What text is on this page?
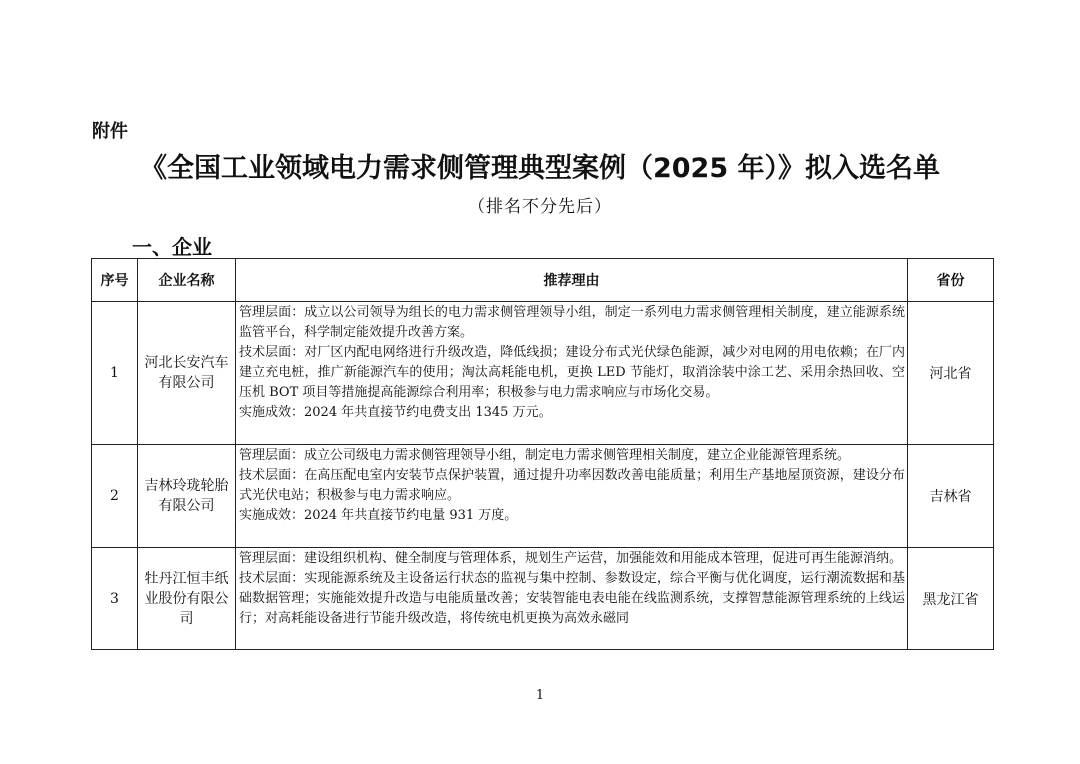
附件
《全国工业领域电力需求侧管理典型案例（2025 年）》拟入选名单
（排名不分先后）
一、企业
序号	企业名称	推荐理由	省份
1	河北长安汽车有限公司	管理层面：成立以公司领导为组长的电力需求侧管理领导小组，制定一系列电力需求侧管理相关制度，建立能源系统监管平台，科学制定能效提升改善方案。
技术层面：对厂区内配电网络进行升级改造，降低线损；建设分布式光伏绿色能源，减少对电网的用电依赖；在厂内建立充电桩，推广新能源汽车的使用；淘汰高耗能电机，更换 LED 节能灯，取消涂装中涂工艺、采用余热回收、空压机 BOT 项目等措施提高能源综合利用率；积极参与电力需求响应与市场化交易。
实施成效：2024 年共直接节约电费支出 1345 万元。	河北省
2	吉林玲珑轮胎有限公司	管理层面：成立公司级电力需求侧管理领导小组，制定电力需求侧管理相关制度，建立企业能源管理系统。
技术层面：在高压配电室内安装节点保护装置，通过提升功率因数改善电能质量；利用生产基地屋顶资源，建设分布式光伏电站；积极参与电力需求响应。
实施成效：2024 年共直接节约电量 931 万度。	吉林省
3	牡丹江恒丰纸业股份有限公司	管理层面：建设组织机构、健全制度与管理体系，规划生产运营，加强能效和用能成本管理，促进可再生能源消纳。
技术层面：实现能源系统及主设备运行状态的监视与集中控制、参数设定，综合平衡与优化调度，运行潮流数据和基础数据管理；实施能效提升改造与电能质量改善；安装智能电表电能在线监测系统，支撑智慧能源管理系统的上线运行；对高耗能设备进行节能升级改造，将传统电机更换为高效永磁同	黑龙江省
1
